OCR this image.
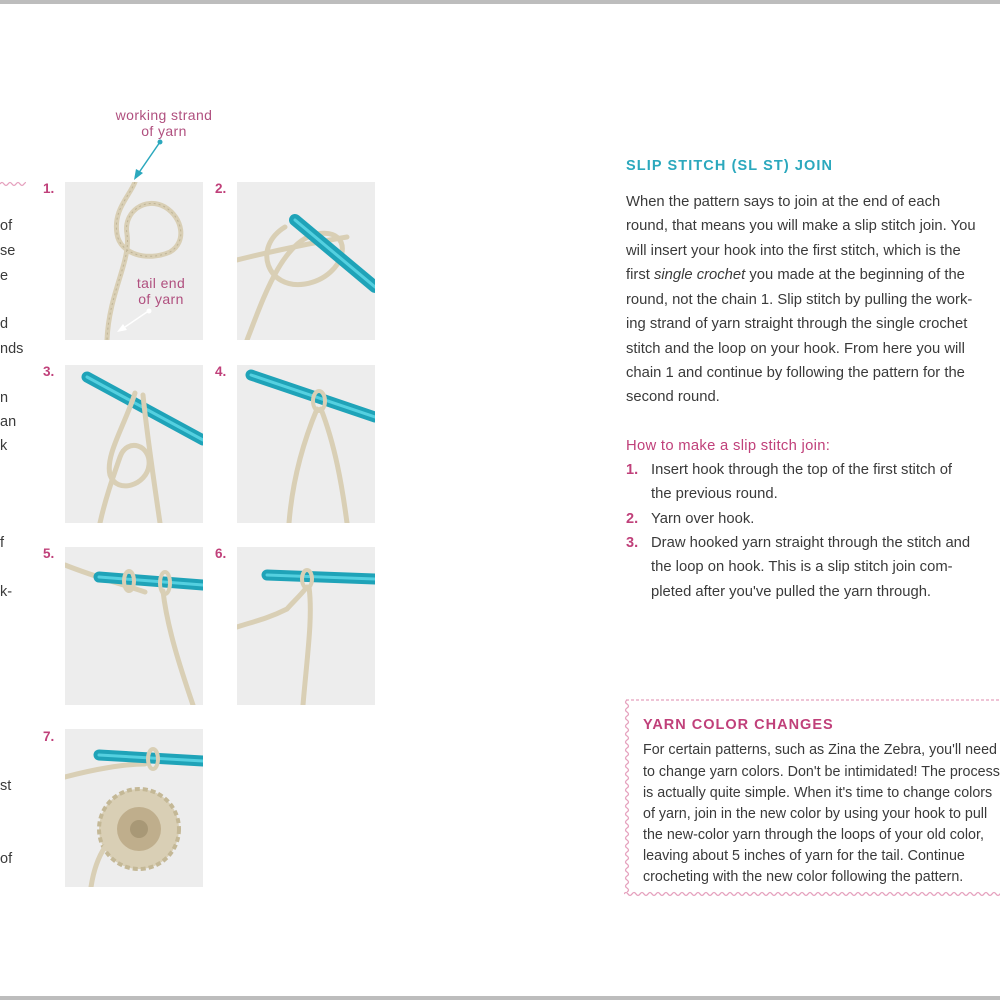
of
se
e
d
nds
n
an
k
f
k-
st
of
working strand
of yarn
1.	2.
3.	4.
5.	6.
7.
tail end
of yarn
SLIP STITCH (SL ST) JOIN
When the pattern says to join at the end of each
round, that means you will make a slip stitch join. You
will insert your hook into the first stitch, which is the
first single crochet you made at the beginning of the
round, not the chain 1. Slip stitch by pulling the work-
ing strand of yarn straight through the single crochet
stitch and the loop on your hook. From here you will
chain 1 and continue by following the pattern for the
second round.
How to make a slip stitch join:
1. Insert hook through the top of the first stitch of
the previous round.
2. Yarn over hook.
3. Draw hooked yarn straight through the stitch and
the loop on hook. This is a slip stitch join com-
pleted after you've pulled the yarn through.
YARN COLOR CHANGES
For certain patterns, such as Zina the Zebra, you'll need
to change yarn colors. Don't be intimidated! The process
is actually quite simple. When it's time to change colors
of yarn, join in the new color by using your hook to pull
the new-color yarn through the loops of your old color,
leaving about 5 inches of yarn for the tail. Continue
crocheting with the new color following the pattern.
